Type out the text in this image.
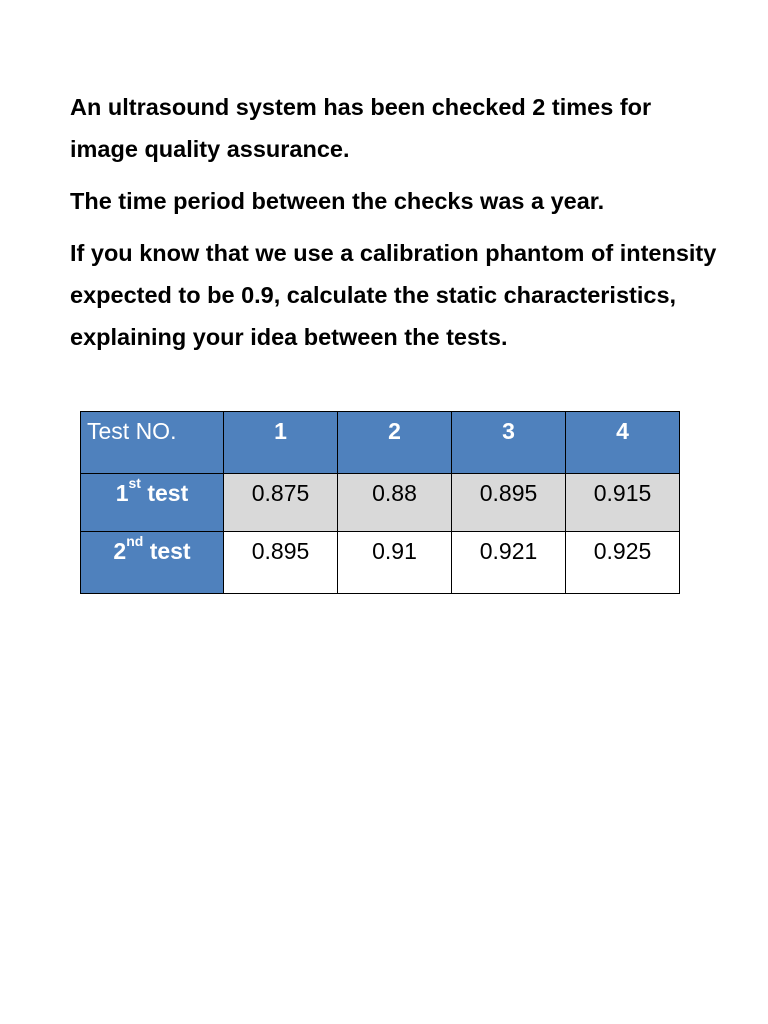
An ultrasound system has been checked 2 times for image quality assurance.

The time period between the checks was a year.

If you know that we use a calibration phantom of intensity expected to be 0.9, calculate the static characteristics, explaining your idea between the tests.

Test NO.	1	2	3	4

1st test	0.875	0.88	0.895	0.915

2nd test	0.895	0.91	0.921	0.925
